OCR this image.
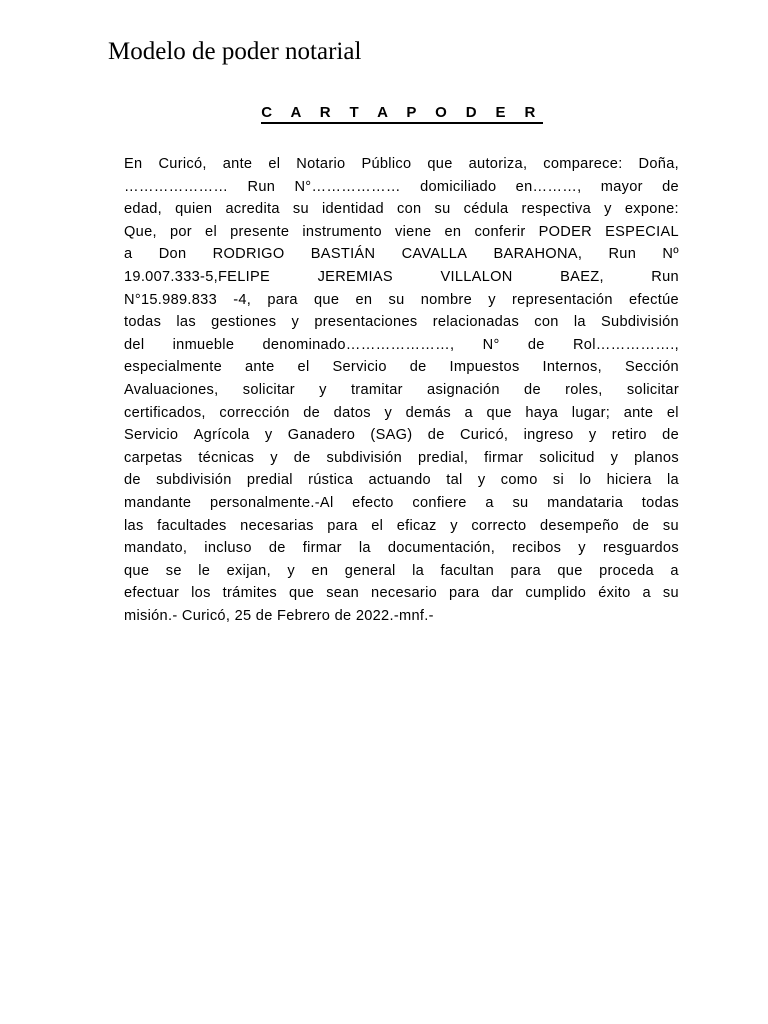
Modelo de poder notarial
C A R T A P O D E R
En Curicó, ante el Notario Público que autoriza, comparece: Doña,
………………… Run N°……………… domiciliado en………, mayor de
edad, quien acredita su identidad con su cédula respectiva y expone:
Que, por el presente instrumento viene en conferir PODER ESPECIAL
a Don RODRIGO BASTIÁN CAVALLA BARAHONA, Run Nº
19.007.333-5,FELIPE	JEREMIAS	VILLALON	BAEZ,	Run
N°15.989.833 -4, para que en su nombre y representación efectúe
todas las gestiones y presentaciones relacionadas con la Subdivisión
del inmueble denominado…………………, N° de Rol…………….,
especialmente ante el Servicio de Impuestos Internos, Sección
Avaluaciones, solicitar y tramitar asignación de roles, solicitar
certificados, corrección de datos y demás a que haya lugar; ante el
Servicio Agrícola y Ganadero (SAG) de Curicó, ingreso y retiro de
carpetas técnicas y de subdivisión predial, firmar solicitud y planos
de subdivisión predial rústica actuando tal y como si lo hiciera la
mandante personalmente.-Al efecto confiere a su mandataria todas
las facultades necesarias para el eficaz y correcto desempeño de su
mandato, incluso de firmar la documentación, recibos y resguardos
que se le exijan, y en general la facultan para que proceda a
efectuar los trámites que sean necesario para dar cumplido éxito a su
misión.- Curicó, 25 de Febrero de 2022.-mnf.-
